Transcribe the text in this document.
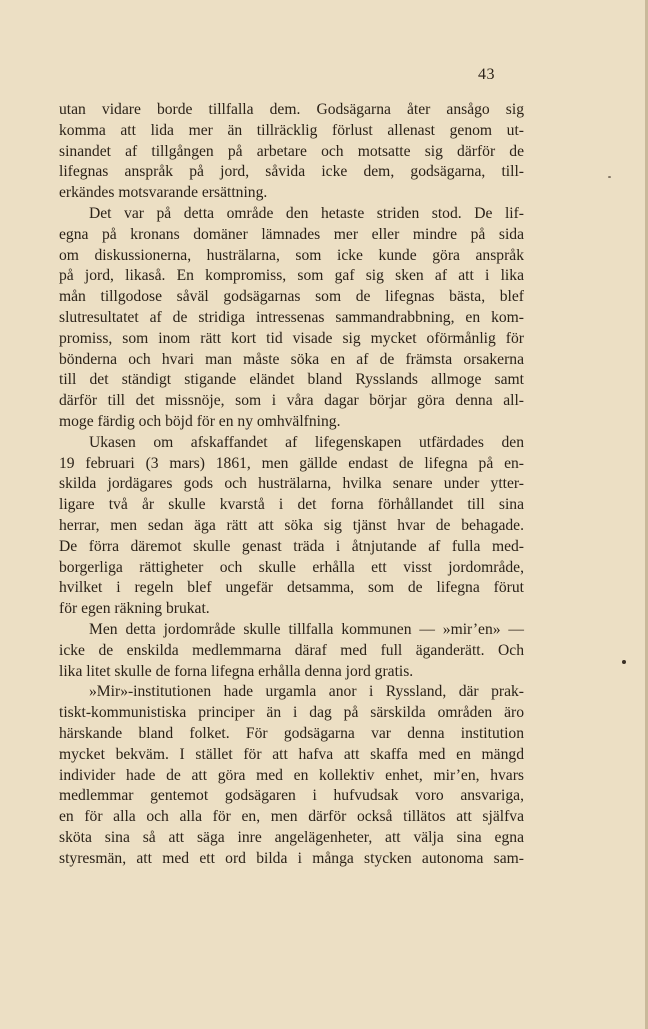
43
utan vidare borde tillfalla dem. Godsägarna åter ansågo sig
komma att lida mer än tillräcklig förlust allenast genom ut-
sinandet af tillgången på arbetare och motsatte sig därför de
lifegnas anspråk på jord, såvida icke dem, godsägarna, till-
erkändes motsvarande ersättning.
Det var på detta område den hetaste striden stod. De lif-
egna på kronans domäner lämnades mer eller mindre på sida
om diskussionerna, husträlarna, som icke kunde göra anspråk
på jord, likaså. En kompromiss, som gaf sig sken af att i lika
mån tillgodose såväl godsägarnas som de lifegnas bästa, blef
slutresultatet af de stridiga intressenas sammandrabbning, en kom-
promiss, som inom rätt kort tid visade sig mycket oförmånlig för
bönderna och hvari man måste söka en af de främsta orsakerna
till det ständigt stigande eländet bland Rysslands allmoge samt
därför till det missnöje, som i våra dagar börjar göra denna all-
moge färdig och böjd för en ny omhvälfning.
Ukasen om afskaffandet af lifegenskapen utfärdades den
19 februari (3 mars) 1861, men gällde endast de lifegna på en-
skilda jordägares gods och husträlarna, hvilka senare under ytter-
ligare två år skulle kvarstå i det forna förhållandet till sina
herrar, men sedan äga rätt att söka sig tjänst hvar de behagade.
De förra däremot skulle genast träda i åtnjutande af fulla med-
borgerliga rättigheter och skulle erhålla ett visst jordområde,
hvilket i regeln blef ungefär detsamma, som de lifegna förut
för egen räkning brukat.
Men detta jordområde skulle tillfalla kommunen — »mir’en» —
icke de enskilda medlemmarna däraf med full äganderätt. Och
lika litet skulle de forna lifegna erhålla denna jord gratis.
»Mir»-institutionen hade urgamla anor i Ryssland, där prak-
tiskt-kommunistiska principer än i dag på särskilda områden äro
härskande bland folket. För godsägarna var denna institution
mycket bekväm. I stället för att hafva att skaffa med en mängd
individer hade de att göra med en kollektiv enhet, mir’en, hvars
medlemmar gentemot godsägaren i hufvudsak voro ansvariga,
en för alla och alla för en, men därför också tillätos att själfva
sköta sina så att säga inre angelägenheter, att välja sina egna
styresmän, att med ett ord bilda i många stycken autonoma sam-
